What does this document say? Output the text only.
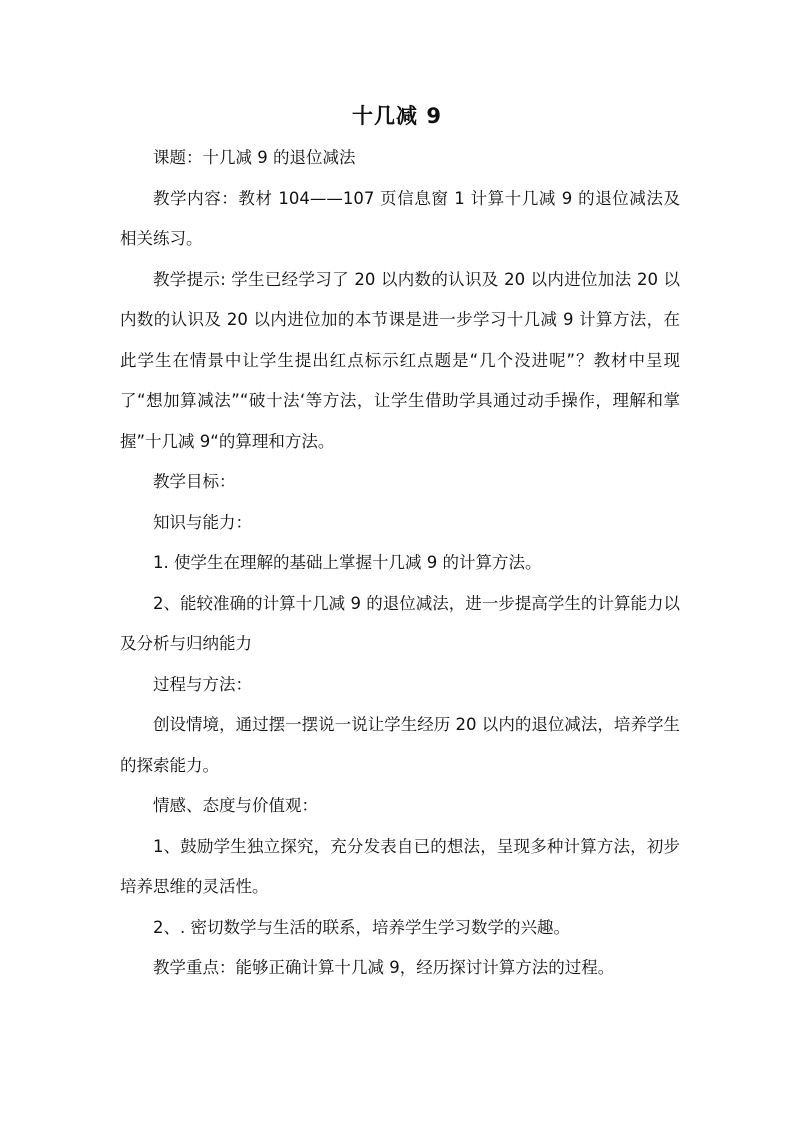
十几减 9

课题：十几减 9 的退位减法

教学内容：教材 104——107 页信息窗 1 计算十几减 9 的退位减法及相关练习。

教学提示: 学生已经学习了 20 以内数的认识及 20 以内进位加法 20 以内数的认识及 20 以内进位加的本节课是进一步学习十几减 9 计算方法，在此学生在情景中让学生提出红点标示红点题是“几个没进呢”？教材中呈现了“想加算减法”“破十法‘等方法，让学生借助学具通过动手操作，理解和掌握”十几减 9“的算理和方法。

教学目标：

知识与能力：

1. 使学生在理解的基础上掌握十几减 9 的计算方法。

2、能较准确的计算十几减 9 的退位减法，进一步提高学生的计算能力以及分析与归纳能力

过程与方法：

创设情境，通过摆一摆说一说让学生经历 20 以内的退位减法，培养学生的探索能力。

情感、态度与价值观：

1、鼓励学生独立探究，充分发表自已的想法，呈现多种计算方法，初步培养思维的灵活性。

2、. 密切数学与生活的联系，培养学生学习数学的兴趣。

教学重点：能够正确计算十几减 9，经历探讨计算方法的过程。
